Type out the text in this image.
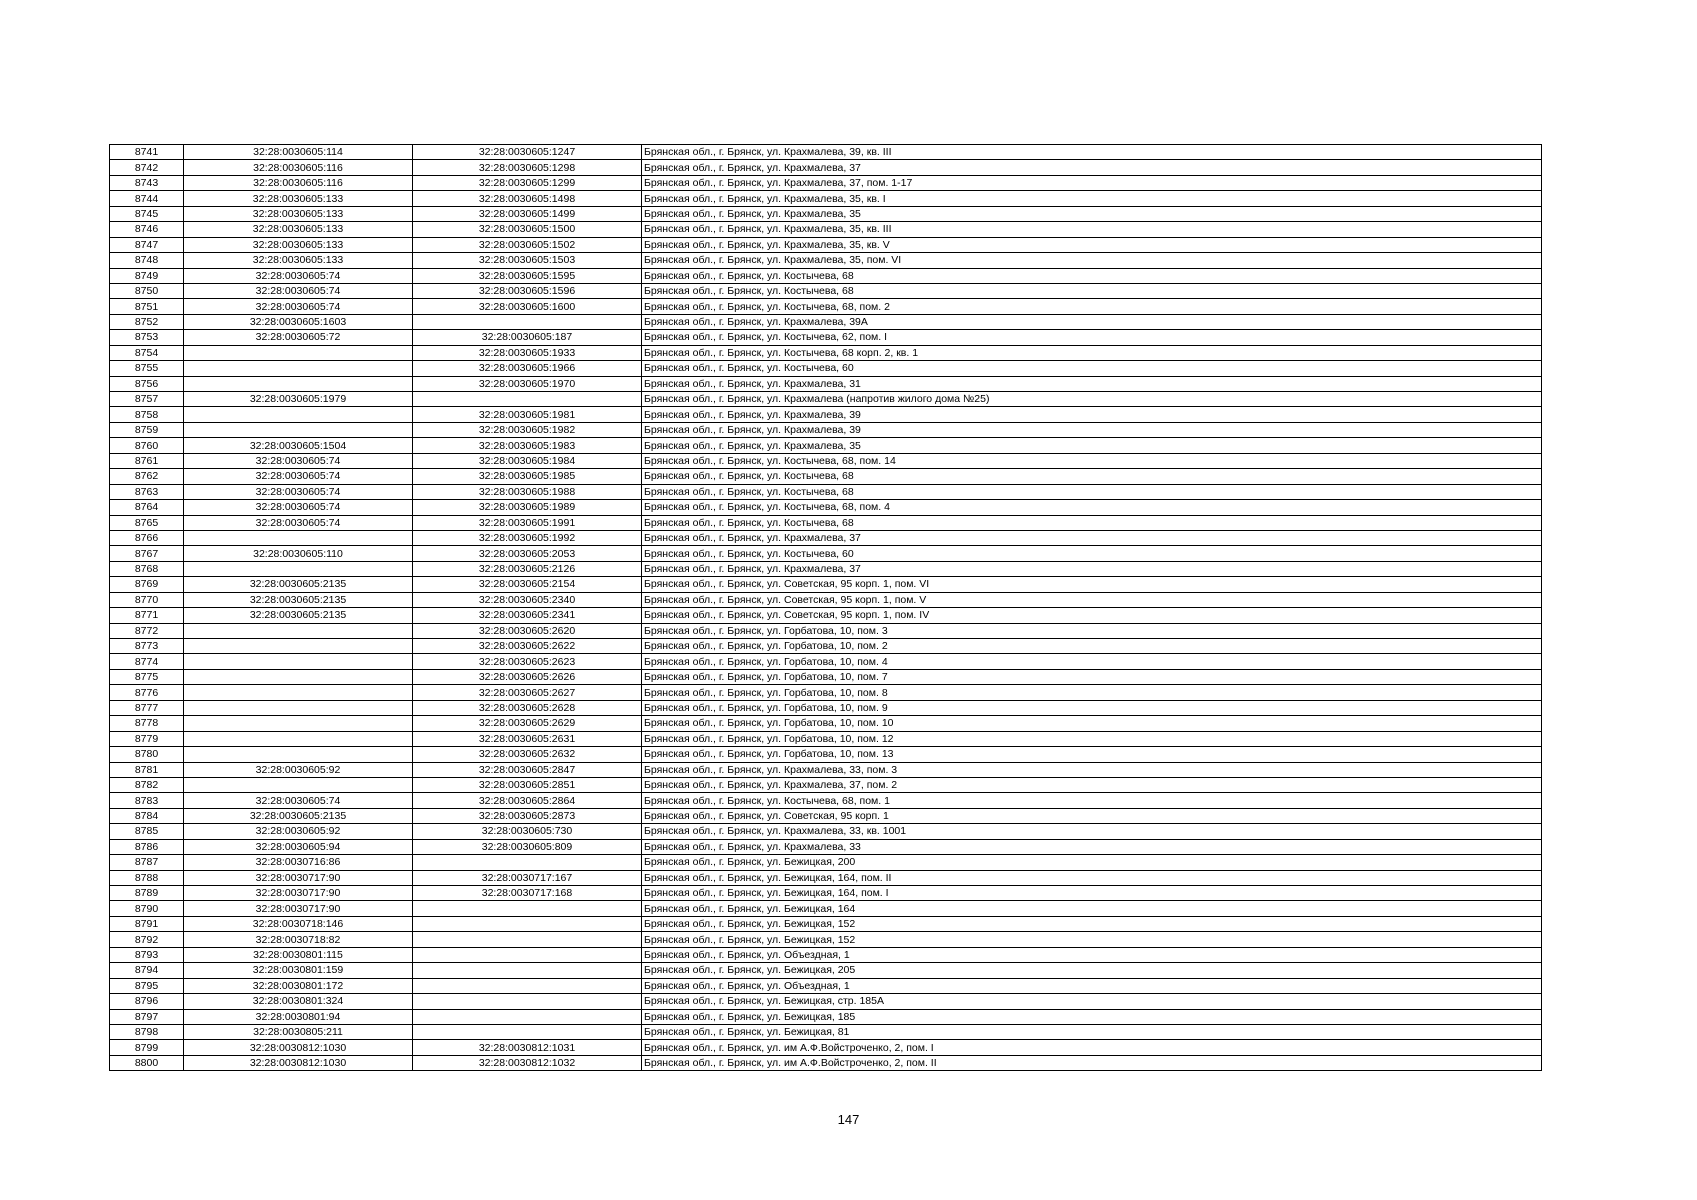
8741	32:28:0030605:114	32:28:0030605:1247	Брянская обл., г. Брянск, ул. Крахмалева, 39, кв. III
8742	32:28:0030605:116	32:28:0030605:1298	Брянская обл., г. Брянск, ул. Крахмалева, 37
8743	32:28:0030605:116	32:28:0030605:1299	Брянская обл., г. Брянск, ул. Крахмалева, 37, пом. 1-17
8744	32:28:0030605:133	32:28:0030605:1498	Брянская обл., г. Брянск, ул. Крахмалева, 35, кв. I
8745	32:28:0030605:133	32:28:0030605:1499	Брянская обл., г. Брянск, ул. Крахмалева, 35
8746	32:28:0030605:133	32:28:0030605:1500	Брянская обл., г. Брянск, ул. Крахмалева, 35, кв. III
8747	32:28:0030605:133	32:28:0030605:1502	Брянская обл., г. Брянск, ул. Крахмалева, 35, кв. V
8748	32:28:0030605:133	32:28:0030605:1503	Брянская обл., г. Брянск, ул. Крахмалева, 35, пом. VI
8749	32:28:0030605:74	32:28:0030605:1595	Брянская обл., г. Брянск, ул. Костычева, 68
8750	32:28:0030605:74	32:28:0030605:1596	Брянская обл., г. Брянск, ул. Костычева, 68
8751	32:28:0030605:74	32:28:0030605:1600	Брянская обл., г. Брянск, ул. Костычева, 68, пом. 2
8752	32:28:0030605:1603		Брянская обл., г. Брянск, ул. Крахмалева, 39А
8753	32:28:0030605:72	32:28:0030605:187	Брянская обл., г. Брянск, ул. Костычева, 62, пом. I
8754		32:28:0030605:1933	Брянская обл., г. Брянск, ул. Костычева, 68 корп. 2, кв. 1
8755		32:28:0030605:1966	Брянская обл., г. Брянск, ул. Костычева, 60
8756		32:28:0030605:1970	Брянская обл., г. Брянск, ул. Крахмалева, 31
8757	32:28:0030605:1979		Брянская обл., г. Брянск, ул. Крахмалева (напротив жилого дома №25)
8758		32:28:0030605:1981	Брянская обл., г. Брянск, ул. Крахмалева, 39
8759		32:28:0030605:1982	Брянская обл., г. Брянск, ул. Крахмалева, 39
8760	32:28:0030605:1504	32:28:0030605:1983	Брянская обл., г. Брянск, ул. Крахмалева, 35
8761	32:28:0030605:74	32:28:0030605:1984	Брянская обл., г. Брянск, ул. Костычева, 68, пом. 14
8762	32:28:0030605:74	32:28:0030605:1985	Брянская обл., г. Брянск, ул. Костычева, 68
8763	32:28:0030605:74	32:28:0030605:1988	Брянская обл., г. Брянск, ул. Костычева, 68
8764	32:28:0030605:74	32:28:0030605:1989	Брянская обл., г. Брянск, ул. Костычева, 68, пом. 4
8765	32:28:0030605:74	32:28:0030605:1991	Брянская обл., г. Брянск, ул. Костычева, 68
8766		32:28:0030605:1992	Брянская обл., г. Брянск, ул. Крахмалева, 37
8767	32:28:0030605:110	32:28:0030605:2053	Брянская обл., г. Брянск, ул. Костычева, 60
8768		32:28:0030605:2126	Брянская обл., г. Брянск, ул. Крахмалева, 37
8769	32:28:0030605:2135	32:28:0030605:2154	Брянская обл., г. Брянск, ул. Советская, 95 корп. 1, пом. VI
8770	32:28:0030605:2135	32:28:0030605:2340	Брянская обл., г. Брянск, ул. Советская, 95 корп. 1, пом. V
8771	32:28:0030605:2135	32:28:0030605:2341	Брянская обл., г. Брянск, ул. Советская, 95 корп. 1, пом. IV
8772		32:28:0030605:2620	Брянская обл., г. Брянск, ул. Горбатова, 10, пом. 3
8773		32:28:0030605:2622	Брянская обл., г. Брянск, ул. Горбатова, 10, пом. 2
8774		32:28:0030605:2623	Брянская обл., г. Брянск, ул. Горбатова, 10, пом. 4
8775		32:28:0030605:2626	Брянская обл., г. Брянск, ул. Горбатова, 10, пом. 7
8776		32:28:0030605:2627	Брянская обл., г. Брянск, ул. Горбатова, 10, пом. 8
8777		32:28:0030605:2628	Брянская обл., г. Брянск, ул. Горбатова, 10, пом. 9
8778		32:28:0030605:2629	Брянская обл., г. Брянск, ул. Горбатова, 10, пом. 10
8779		32:28:0030605:2631	Брянская обл., г. Брянск, ул. Горбатова, 10, пом. 12
8780		32:28:0030605:2632	Брянская обл., г. Брянск, ул. Горбатова, 10, пом. 13
8781	32:28:0030605:92	32:28:0030605:2847	Брянская обл., г. Брянск, ул. Крахмалева, 33, пом. 3
8782		32:28:0030605:2851	Брянская обл., г. Брянск, ул. Крахмалева, 37, пом. 2
8783	32:28:0030605:74	32:28:0030605:2864	Брянская обл., г. Брянск, ул. Костычева, 68, пом. 1
8784	32:28:0030605:2135	32:28:0030605:2873	Брянская обл., г. Брянск, ул. Советская, 95 корп. 1
8785	32:28:0030605:92	32:28:0030605:730	Брянская обл., г. Брянск, ул. Крахмалева, 33, кв. 1001
8786	32:28:0030605:94	32:28:0030605:809	Брянская обл., г. Брянск, ул. Крахмалева, 33
8787	32:28:0030716:86		Брянская обл., г. Брянск, ул. Бежицкая, 200
8788	32:28:0030717:90	32:28:0030717:167	Брянская обл., г. Брянск, ул. Бежицкая, 164, пом. II
8789	32:28:0030717:90	32:28:0030717:168	Брянская обл., г. Брянск, ул. Бежицкая, 164, пом. I
8790	32:28:0030717:90		Брянская обл., г. Брянск, ул. Бежицкая, 164
8791	32:28:0030718:146		Брянская обл., г. Брянск, ул. Бежицкая, 152
8792	32:28:0030718:82		Брянская обл., г. Брянск, ул. Бежицкая, 152
8793	32:28:0030801:115		Брянская обл., г. Брянск, ул. Объездная, 1
8794	32:28:0030801:159		Брянская обл., г. Брянск, ул. Бежицкая, 205
8795	32:28:0030801:172		Брянская обл., г. Брянск, ул. Объездная, 1
8796	32:28:0030801:324		Брянская обл., г. Брянск, ул. Бежицкая, стр. 185А
8797	32:28:0030801:94		Брянская обл., г. Брянск, ул. Бежицкая, 185
8798	32:28:0030805:211		Брянская обл., г. Брянск, ул. Бежицкая, 81
8799	32:28:0030812:1030	32:28:0030812:1031	Брянская обл., г. Брянск, ул. им А.Ф.Войстроченко, 2, пом. I
8800	32:28:0030812:1030	32:28:0030812:1032	Брянская обл., г. Брянск, ул. им А.Ф.Войстроченко, 2, пом. II
147
